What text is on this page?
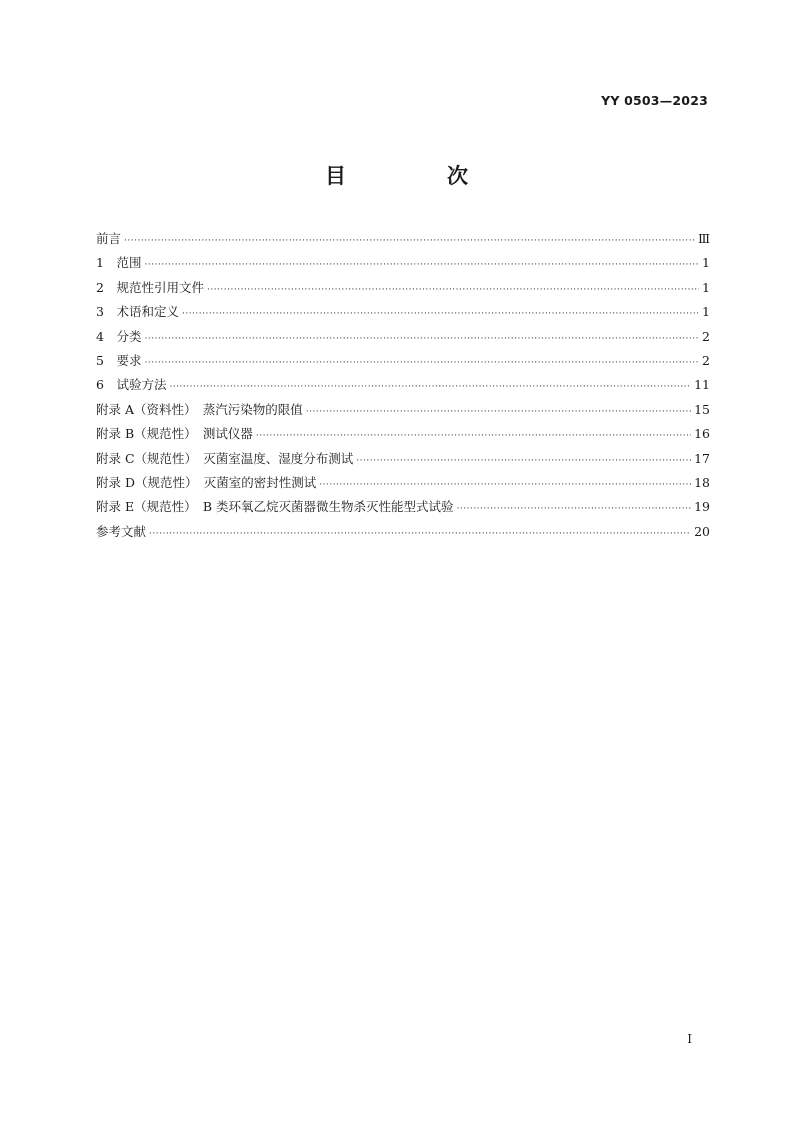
YY 0503—2023
目　次
前言 ·····	Ⅲ
1　范围 ·····	1
2　规范性引用文件 ·····	1
3　术语和定义 ·····	1
4　分类 ·····	2
5　要求 ·····	2
6　试验方法 ·····	11
附录 A（资料性）　蒸汽污染物的限值 ·····	15
附录 B（规范性）　测试仪器 ·····	16
附录 C（规范性）　灭菌室温度、湿度分布测试 ·····	17
附录 D（规范性）　灭菌室的密封性测试 ·····	18
附录 E（规范性）　B 类环氧乙烷灭菌器微生物杀灭性能型式试验 ·····	19
参考文献 ·····	20
I
